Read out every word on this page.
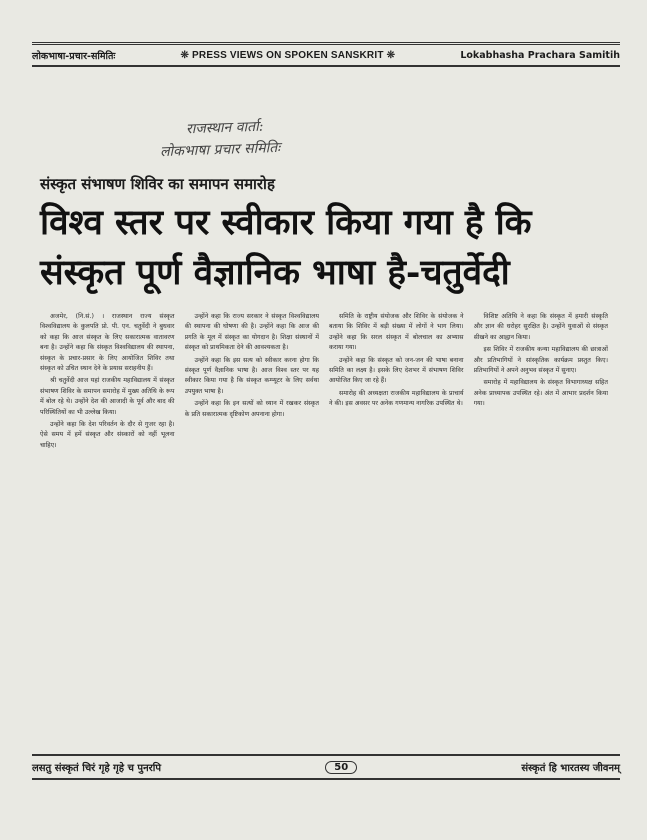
लोकभाषा-प्रचार-समितिः	❊ PRESS VIEWS ON SPOKEN SANSKRIT ❊	Lokabhasha Prachara Samitih
राजस्थान वार्ता:
लोकभाषा प्रचार समितिः
संस्कृत संभाषण शिविर का समापन समारोह
विश्व स्तर पर स्वीकार किया गया है कि
संस्कृत पूर्ण वैज्ञानिक भाषा है-चतुर्वेदी

अजमेर, (नि.सं.) । राजस्थान राज्य संस्कृत विश्वविद्यालय के कुलपति प्रो. पी. एन. चतुर्वेदी ने बुधवार को कहा कि आज संस्कृत के लिए सकारात्मक वातावरण बना है। उन्होंने कहा कि संस्कृत विश्वविद्यालय की स्थापना, संस्कृत के प्रचार-प्रसार के लिए आयोजित शिविर तथा संस्कृत को उचित स्थान देने के प्रयास सराहनीय हैं।

श्री चतुर्वेदी आज यहां राजकीय महाविद्यालय में संस्कृत संभाषण शिविर के समापन समारोह में मुख्य अतिथि के रूप में बोल रहे थे। उन्होंने देश की आजादी के पूर्व और बाद की परिस्थितियों का भी उल्लेख किया।

उन्होंने कहा कि देश परिवर्तन के दौर से गुजर रहा है। ऐसे समय में हमें संस्कृत और संस्कारों को नहीं भूलना चाहिए।

उन्होंने कहा कि राज्य सरकार ने संस्कृत विश्वविद्यालय की स्थापना की घोषणा की है। उन्होंने कहा कि आज की प्रगति के मूल में संस्कृत का योगदान है। शिक्षा संस्थानों में संस्कृत को प्राथमिकता देने की आवश्यकता है।

उन्होंने कहा कि इस सत्य को स्वीकार करना होगा कि संस्कृत पूर्ण वैज्ञानिक भाषा है। आज विश्व स्तर पर यह स्वीकार किया गया है कि संस्कृत कम्प्यूटर के लिए सर्वथा उपयुक्त भाषा है।

उन्होंने कहा कि इन सत्यों को ध्यान में रखकर संस्कृत के प्रति सकारात्मक दृष्टिकोण अपनाना होगा।

समिति के राष्ट्रीय संयोजक और शिविर के संयोजक ने बताया कि शिविर में बड़ी संख्या में लोगों ने भाग लिया। उन्होंने कहा कि सरल संस्कृत में बोलचाल का अभ्यास कराया गया।

उन्होंने कहा कि संस्कृत को जन-जन की भाषा बनाना समिति का लक्ष्य है। इसके लिए देशभर में संभाषण शिविर आयोजित किए जा रहे हैं।

समारोह की अध्यक्षता राजकीय महाविद्यालय के प्राचार्य ने की। इस अवसर पर अनेक गणमान्य नागरिक उपस्थित थे।

विशिष्ट अतिथि ने कहा कि संस्कृत में हमारी संस्कृति और ज्ञान की धरोहर सुरक्षित है। उन्होंने युवाओं से संस्कृत सीखने का आह्वान किया।

इस शिविर में राजकीय कन्या महाविद्यालय की छात्राओं और प्रतिभागियों ने सांस्कृतिक कार्यक्रम प्रस्तुत किए। प्रतिभागियों ने अपने अनुभव संस्कृत में सुनाए।

समारोह में महाविद्यालय के संस्कृत विभागाध्यक्ष सहित अनेक प्राध्यापक उपस्थित रहे। अंत में आभार प्रदर्शन किया गया।

लसतु संस्कृतं चिरं गृहे गृहे च पुनरपि	50	संस्कृतं हि भारतस्य जीवनम्
